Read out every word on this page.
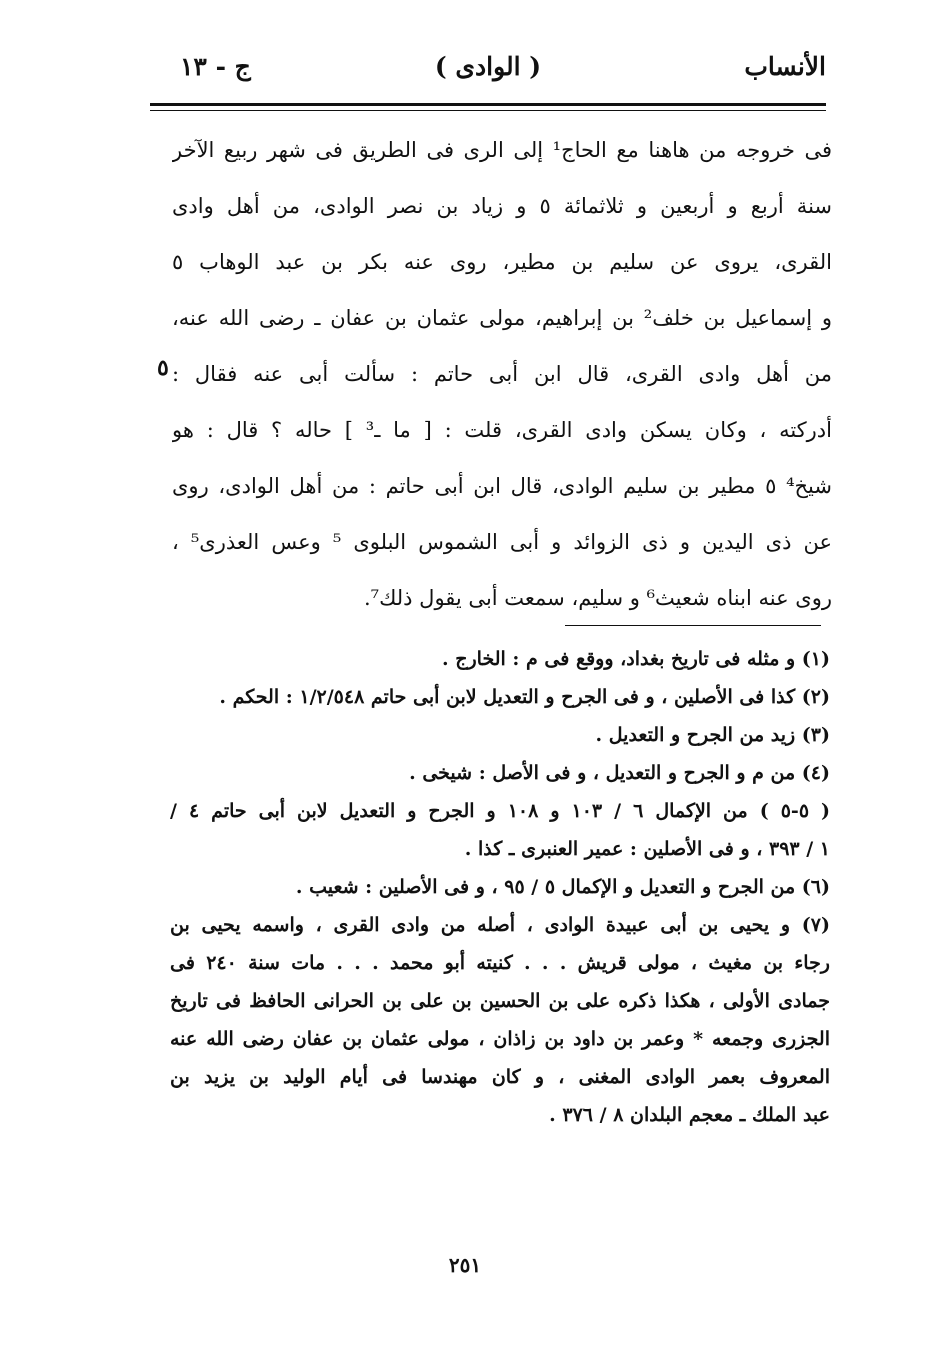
الأنساب
( الوادى )
ج - ١٣
٥
فى خروجه من هاهنا مع الحاج¹ إلى الرى فى الطريق فى شهر ربيع الآخر
سنة أربع و أربعين و ثلاثمائة ٥ و زياد بن نصر الوادى، من أهل وادى
القرى، يروى عن سليم بن مطير، روى عنه بكر بن عبد الوهاب ٥
و إسماعيل بن خلف² بن إبراهيم، مولى عثمان بن عفان ـ رضى الله عنه،
من أهل وادى القرى، قال ابن أبى حاتم : سألت أبى عنه فقال :
أدركته ، وكان يسكن وادى القرى، قلت : [ ما ـ³ ] حاله ؟ قال : هو
شيخ⁴ ٥ مطير بن سليم الوادى، قال ابن أبى حاتم : من أهل الوادى، روى
عن ذى اليدين و ذى الزوائد و أبى الشموس البلوى ⁵ وعس العذرى⁵ ،
روى عنه ابناه شعيث⁶ و سليم، سمعت أبى يقول ذلك⁷.
(١) و مثله فى تاريخ بغداد، ووقع فى م : الخارج .
(٢) كذا فى الأصلين ، و فى الجرح و التعديل لابن أبى حاتم ١/٢/٥٤٨ : الحكم .
(٣) زيد من الجرح و التعديل .
(٤) من م و الجرح و التعديل ، و فى الأصل : شيخى .
( ٥-٥ ) من الإكمال ٦ / ١٠٣ و ١٠٨ و الجرح و التعديل لابن أبى حاتم ٤ /
١ / ٣٩٣ ، و فى الأصلين : عمير العنبرى ـ كذا .
(٦) من الجرح و التعديل و الإكمال ٥ / ٩٥ ، و فى الأصلين : شعيب .
(٧) و يحيى بن أبى عبيدة الوادى ، أصله من وادى القرى ، واسمه يحيى بن
رجاء بن مغيث ، مولى قريش . . . كنيته أبو محمد . . . مات سنة ٢٤٠ فى
جمادى الأولى ، هكذا ذكره على بن الحسين بن على بن الحرانى الحافظ فى تاريخ
الجزرى وجمعه * وعمر بن داود بن زاذان ، مولى عثمان بن عفان رضى الله عنه
المعروف بعمر الوادى المغنى ، و كان مهندسا فى أيام الوليد بن يزيد بن
عبد الملك ـ معجم البلدان ٨ / ٣٧٦ .
٢٥١
